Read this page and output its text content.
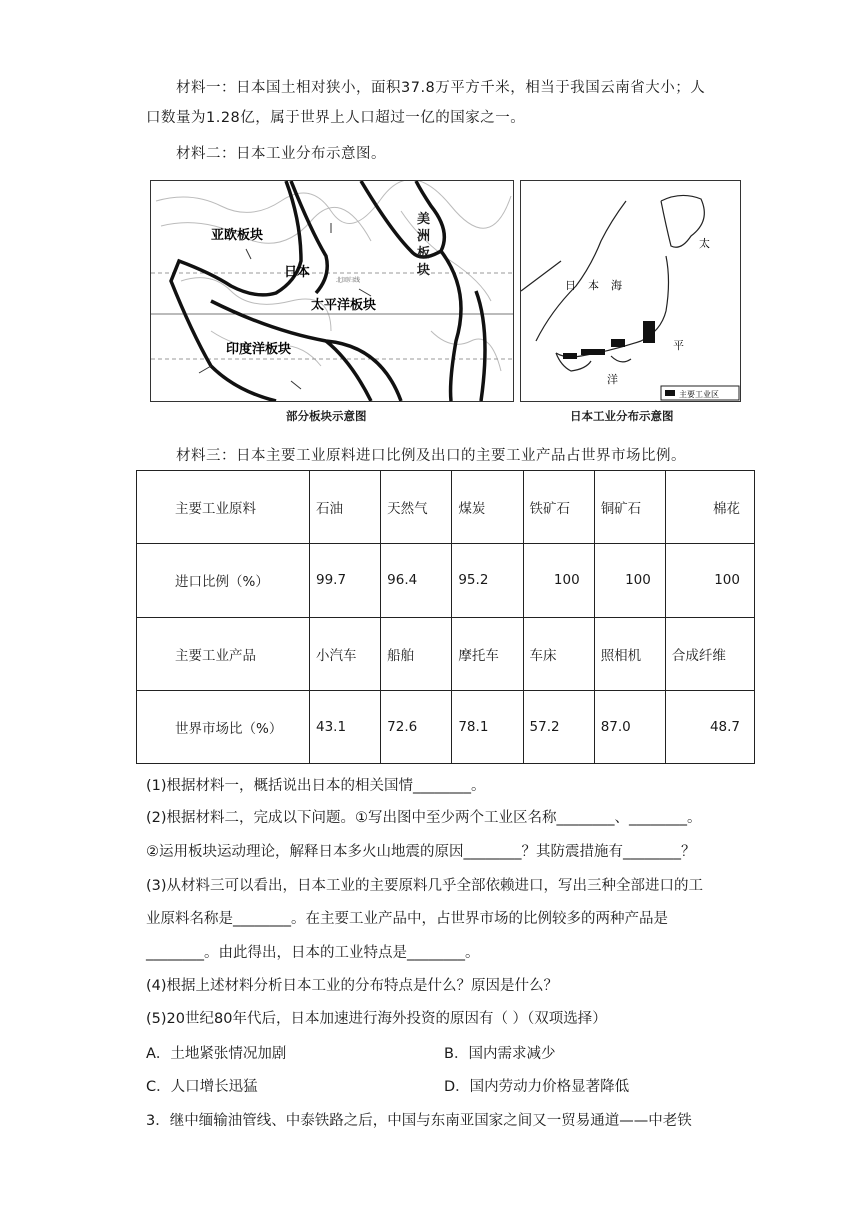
材料一：日本国土相对狭小，面积37.8万平方千米，相当于我国云南省大小；人
口数量为1.28亿，属于世界上人口超过一亿的国家之一。
材料二：日本工业分布示意图。
亚欧板块
日本
北回归线
太平洋板块
印度洋板块
美洲板块
主要工业区
日本海
太
平
洋
部分板块示意图	日本工业分布示意图
材料三：日本主要工业原料进口比例及出口的主要工业产品占世界市场比例。
主要工业原料	石油	天然气	煤炭	铁矿石	铜矿石	棉花
进口比例（%）	99.7	96.4	95.2	100	100	100
主要工业产品	小汽车	船舶	摩托车	车床	照相机	合成纤维
世界市场比（%）	43.1	72.6	78.1	57.2	87.0	48.7
(1)根据材料一，概括说出日本的相关国情________。
(2)根据材料二，完成以下问题。①写出图中至少两个工业区名称________、________。
②运用板块运动理论，解释日本多火山地震的原因________？其防震措施有________？
(3)从材料三可以看出，日本工业的主要原料几乎全部依赖进口，写出三种全部进口的工
业原料名称是________。在主要工业产品中，占世界市场的比例较多的两种产品是
________。由此得出，日本的工业特点是________。
(4)根据上述材料分析日本工业的分布特点是什么？原因是什么？
(5)20世纪80年代后，日本加速进行海外投资的原因有（ ）（双项选择）
A．土地紧张情况加剧	B．国内需求减少
C．人口增长迅猛	D．国内劳动力价格显著降低
3．继中缅输油管线、中泰铁路之后，中国与东南亚国家之间又一贸易通道——中老铁
